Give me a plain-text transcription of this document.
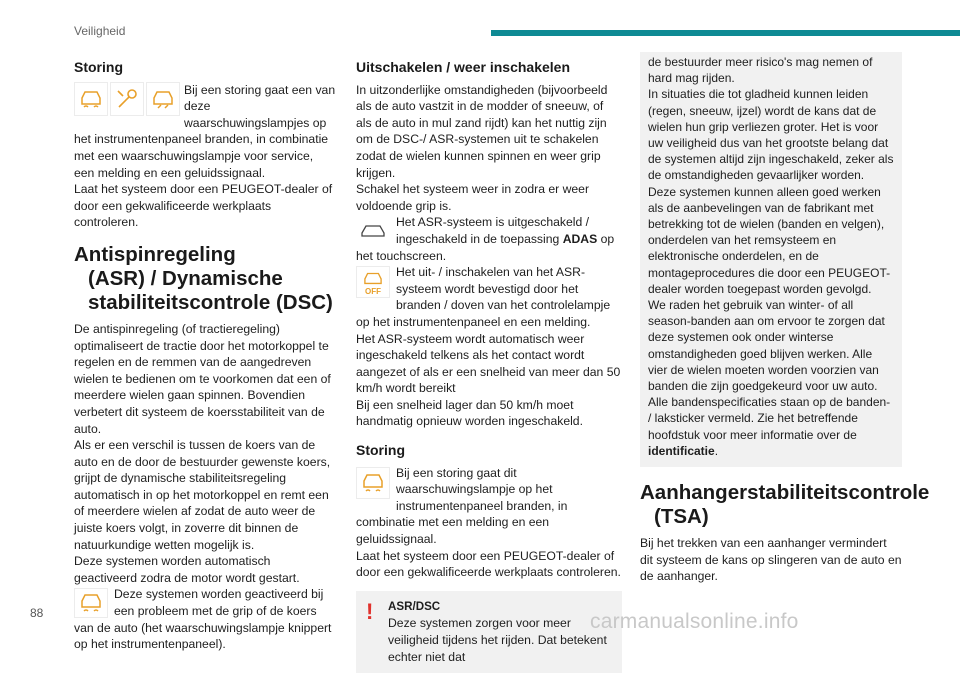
Veiligheid
Storing

Bij een storing gaat een van deze waarschuwingslampjes op het instrumentenpaneel branden, in combinatie met een waarschuwingslampje voor service, een melding en een geluidssignaal.

Laat het systeem door een PEUGEOT-dealer of door een gekwalificeerde werkplaats controleren.

Antispinregeling
(ASR) / Dynamische
stabiliteitscontrole (DSC)

De antispinregeling (of tractieregeling) optimaliseert de tractie door het motorkoppel te regelen en de remmen van de aangedreven wielen te bedienen om te voorkomen dat een of meerdere wielen gaan spinnen. Bovendien verbetert dit systeem de koersstabiliteit van de auto.

Als er een verschil is tussen de koers van de auto en de door de bestuurder gewenste koers, grijpt de dynamische stabiliteitsregeling automatisch in op het motorkoppel en remt een of meerdere wielen af zodat de auto weer de juiste koers volgt, in zoverre dit binnen de natuurkundige wetten mogelijk is.

Deze systemen worden automatisch geactiveerd zodra de motor wordt gestart.

Deze systemen worden geactiveerd bij een probleem met de grip of de koers van de auto (het waarschuwingslampje knippert op het instrumentenpaneel).

Uitschakelen / weer inschakelen

In uitzonderlijke omstandigheden (bijvoorbeeld als de auto vastzit in de modder of sneeuw, of als de auto in mul zand rijdt) kan het nuttig zijn om de DSC-/ ASR-systemen uit te schakelen zodat de wielen kunnen spinnen en weer grip krijgen.

Schakel het systeem weer in zodra er weer voldoende grip is.

Het ASR-systeem is uitgeschakeld / ingeschakeld in de toepassing ADAS op het touchscreen.

OFF

Het uit- / inschakelen van het ASR-systeem wordt bevestigd door het branden / doven van het controlelampje op het instrumentenpaneel en een melding.

Het ASR-systeem wordt automatisch weer ingeschakeld telkens als het contact wordt aangezet of als er een snelheid van meer dan 50 km/h wordt bereikt

Bij een snelheid lager dan 50 km/h moet handmatig opnieuw worden ingeschakeld.

Storing

Bij een storing gaat dit waarschuwingslampje op het instrumentenpaneel branden, in combinatie met een melding en een geluidssignaal.

Laat het systeem door een PEUGEOT-dealer of door een gekwalificeerde werkplaats controleren.

! ASR/DSC

Deze systemen zorgen voor meer veiligheid tijdens het rijden. Dat betekent echter niet dat

de bestuurder meer risico's mag nemen of hard mag rijden.

In situaties die tot gladheid kunnen leiden (regen, sneeuw, ijzel) wordt de kans dat de wielen hun grip verliezen groter. Het is voor uw veiligheid dus van het grootste belang dat de systemen altijd zijn ingeschakeld, zeker als de omstandigheden gevaarlijker worden.

Deze systemen kunnen alleen goed werken als de aanbevelingen van de fabrikant met betrekking tot de wielen (banden en velgen), onderdelen van het remsysteem en elektronische onderdelen, en de montageprocedures die door een PEUGEOT-dealer worden toegepast worden gevolgd.

We raden het gebruik van winter- of all season-banden aan om ervoor te zorgen dat deze systemen ook onder winterse omstandigheden goed blijven werken. Alle vier de wielen moeten worden voorzien van banden die zijn goedgekeurd voor uw auto.

Alle bandenspecificaties staan op de banden- / laksticker vermeld. Zie het betreffende hoofdstuk voor meer informatie over de identificatie.

Aanhangerstabiliteitscontrole
(TSA)

Bij het trekken van een aanhanger vermindert dit systeem de kans op slingeren van de auto en de aanhanger.

88	carmanualsonline.info
